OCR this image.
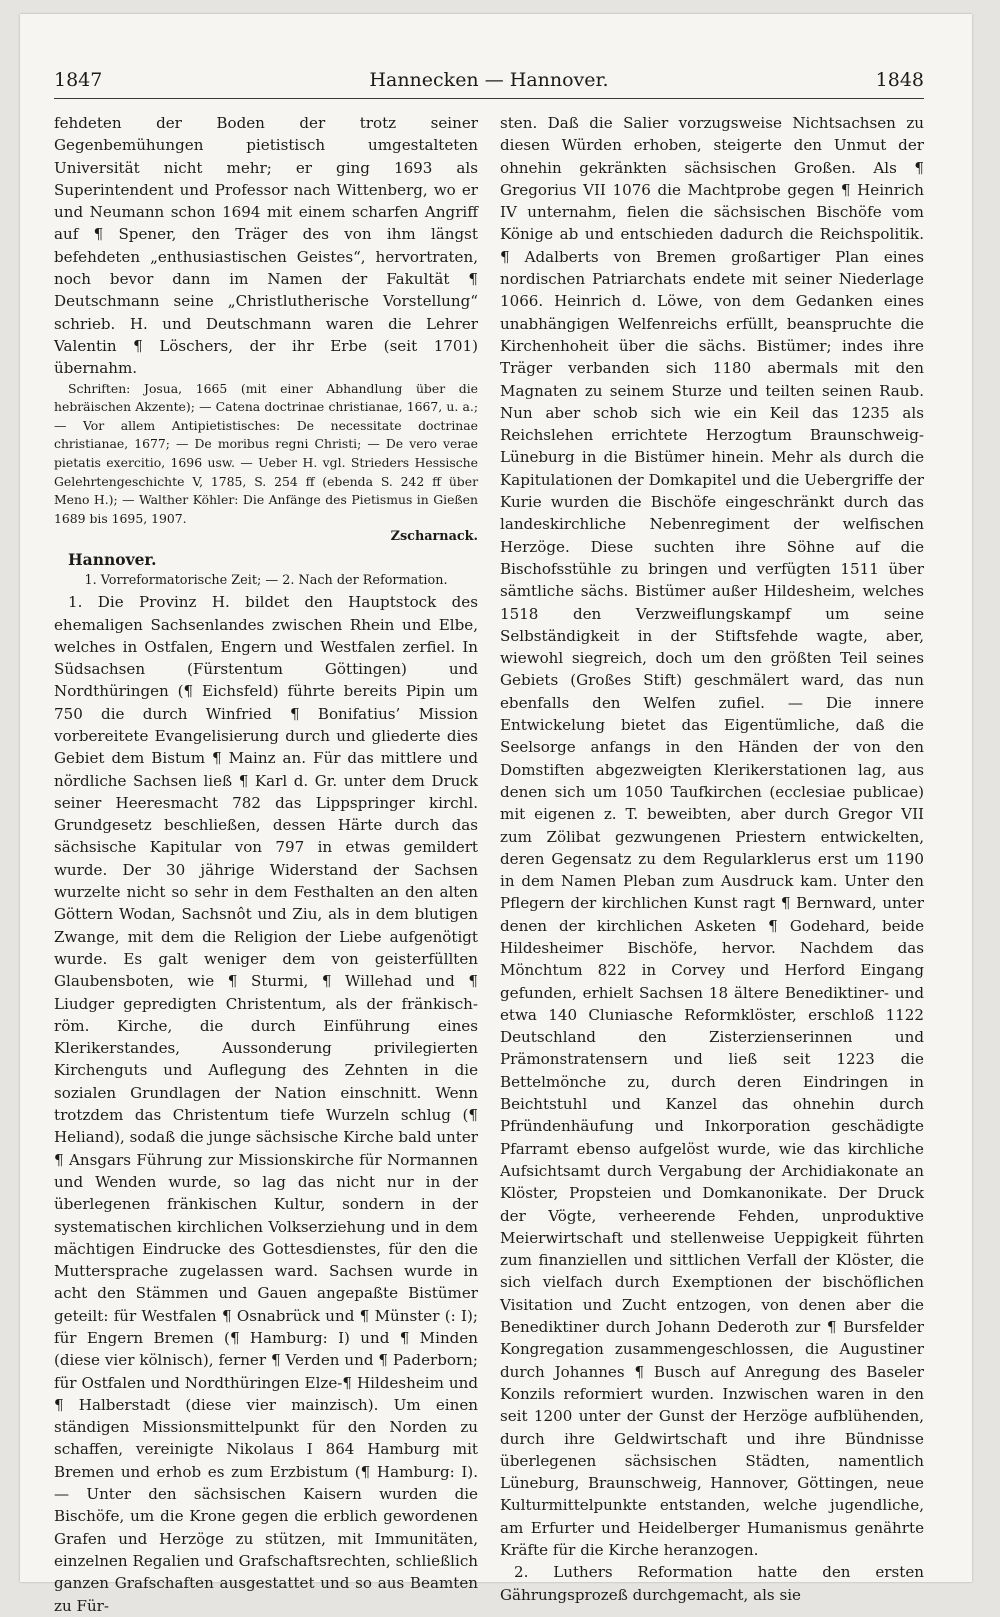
1847	Hannecken — Hannover.	1848

fehdeten der Boden der trotz seiner Gegenbemühungen pietistisch umgestalteten Universität nicht mehr; er ging 1693 als Superintendent und Professor nach Wittenberg, wo er und Neumann schon 1694 mit einem scharfen Angriff auf ¶ Spener, den Träger des von ihm längst befehdeten „enthusiastischen Geistes“, hervortraten, noch bevor dann im Namen der Fakultät ¶ Deutschmann seine „Christlutherische Vorstellung“ schrieb. H. und Deutschmann waren die Lehrer Valentin ¶ Löschers, der ihr Erbe (seit 1701) übernahm.

Schriften: Josua, 1665 (mit einer Abhandlung über die hebräischen Akzente); — Catena doctrinae christianae, 1667, u. a.; — Vor allem Antipietistisches: De necessitate doctrinae christianae, 1677; — De moribus regni Christi; — De vero verae pietatis exercitio, 1696 usw. — Ueber H. vgl. Strieders Hessische Gelehrtengeschichte V, 1785, S. 254 ff (ebenda S. 242 ff über Meno H.); — Walther Köhler: Die Anfänge des Pietismus in Gießen 1689 bis 1695, 1907.

Zscharnack.

Hannover.

1. Vorreformatorische Zeit; — 2. Nach der Reformation.

1. Die Provinz H. bildet den Hauptstock des ehemaligen Sachsenlandes zwischen Rhein und Elbe, welches in Ostfalen, Engern und Westfalen zerfiel. In Südsachsen (Fürstentum Göttingen) und Nordthüringen (¶ Eichsfeld) führte bereits Pipin um 750 die durch Winfried ¶ Bonifatius’ Mission vorbereitete Evangelisierung durch und gliederte dies Gebiet dem Bistum ¶ Mainz an. Für das mittlere und nördliche Sachsen ließ ¶ Karl d. Gr. unter dem Druck seiner Heeresmacht 782 das Lippspringer kirchl. Grundgesetz beschließen, dessen Härte durch das sächsische Kapitular von 797 in etwas gemildert wurde. Der 30 jährige Widerstand der Sachsen wurzelte nicht so sehr in dem Festhalten an den alten Göttern Wodan, Sachsnôt und Ziu, als in dem blutigen Zwange, mit dem die Religion der Liebe aufgenötigt wurde. Es galt weniger dem von geisterfüllten Glaubensboten, wie ¶ Sturmi, ¶ Willehad und ¶ Liudger gepredigten Christentum, als der fränkisch-röm. Kirche, die durch Einführung eines Klerikerstandes, Aussonderung privilegierten Kirchenguts und Auflegung des Zehnten in die sozialen Grundlagen der Nation einschnitt. Wenn trotzdem das Christentum tiefe Wurzeln schlug (¶ Heliand), sodaß die junge sächsische Kirche bald unter ¶ Ansgars Führung zur Missionskirche für Normannen und Wenden wurde, so lag das nicht nur in der überlegenen fränkischen Kultur, sondern in der systematischen kirchlichen Volkserziehung und in dem mächtigen Eindrucke des Gottesdienstes, für den die Muttersprache zugelassen ward. Sachsen wurde in acht den Stämmen und Gauen angepaßte Bistümer geteilt: für Westfalen ¶ Osnabrück und ¶ Münster (: I); für Engern Bremen (¶ Hamburg: I) und ¶ Minden (diese vier kölnisch), ferner ¶ Verden und ¶ Paderborn; für Ostfalen und Nordthüringen Elze-¶ Hildesheim und ¶ Halberstadt (diese vier mainzisch). Um einen ständigen Missionsmittelpunkt für den Norden zu schaffen, vereinigte Nikolaus I 864 Hamburg mit Bremen und erhob es zum Erzbistum (¶ Hamburg: I). — Unter den sächsischen Kaisern wurden die Bischöfe, um die Krone gegen die erblich gewordenen Grafen und Herzöge zu stützen, mit Immunitäten, einzelnen Regalien und Grafschaftsrechten, schließlich ganzen Grafschaften ausgestattet und so aus Beamten zu Für-

sten. Daß die Salier vorzugsweise Nichtsachsen zu diesen Würden erhoben, steigerte den Unmut der ohnehin gekränkten sächsischen Großen. Als ¶ Gregorius VII 1076 die Machtprobe gegen ¶ Heinrich IV unternahm, fielen die sächsischen Bischöfe vom Könige ab und entschieden dadurch die Reichspolitik. ¶ Adalberts von Bremen großartiger Plan eines nordischen Patriarchats endete mit seiner Niederlage 1066. Heinrich d. Löwe, von dem Gedanken eines unabhängigen Welfenreichs erfüllt, beanspruchte die Kirchenhoheit über die sächs. Bistümer; indes ihre Träger verbanden sich 1180 abermals mit den Magnaten zu seinem Sturze und teilten seinen Raub. Nun aber schob sich wie ein Keil das 1235 als Reichslehen errichtete Herzogtum Braunschweig-Lüneburg in die Bistümer hinein. Mehr als durch die Kapitulationen der Domkapitel und die Uebergriffe der Kurie wurden die Bischöfe eingeschränkt durch das landeskirchliche Nebenregiment der welfischen Herzöge. Diese suchten ihre Söhne auf die Bischofsstühle zu bringen und verfügten 1511 über sämtliche sächs. Bistümer außer Hildesheim, welches 1518 den Verzweiflungskampf um seine Selbständigkeit in der Stiftsfehde wagte, aber, wiewohl siegreich, doch um den größten Teil seines Gebiets (Großes Stift) geschmälert ward, das nun ebenfalls den Welfen zufiel. — Die innere Entwickelung bietet das Eigentümliche, daß die Seelsorge anfangs in den Händen der von den Domstiften abgezweigten Klerikerstationen lag, aus denen sich um 1050 Taufkirchen (ecclesiae publicae) mit eigenen z. T. beweibten, aber durch Gregor VII zum Zölibat gezwungenen Priestern entwickelten, deren Gegensatz zu dem Regularklerus erst um 1190 in dem Namen Pleban zum Ausdruck kam. Unter den Pflegern der kirchlichen Kunst ragt ¶ Bernward, unter denen der kirchlichen Asketen ¶ Godehard, beide Hildesheimer Bischöfe, hervor. Nachdem das Mönchtum 822 in Corvey und Herford Eingang gefunden, erhielt Sachsen 18 ältere Benediktiner- und etwa 140 Cluniasche Reformklöster, erschloß 1122 Deutschland den Zisterzienserinnen und Prämonstratensern und ließ seit 1223 die Bettelmönche zu, durch deren Eindringen in Beichtstuhl und Kanzel das ohnehin durch Pfründenhäufung und Inkorporation geschädigte Pfarramt ebenso aufgelöst wurde, wie das kirchliche Aufsichtsamt durch Vergabung der Archidiakonate an Klöster, Propsteien und Domkanonikate. Der Druck der Vögte, verheerende Fehden, unproduktive Meierwirtschaft und stellenweise Ueppigkeit führten zum finanziellen und sittlichen Verfall der Klöster, die sich vielfach durch Exemptionen der bischöflichen Visitation und Zucht entzogen, von denen aber die Benediktiner durch Johann Dederoth zur ¶ Bursfelder Kongregation zusammengeschlossen, die Augustiner durch Johannes ¶ Busch auf Anregung des Baseler Konzils reformiert wurden. Inzwischen waren in den seit 1200 unter der Gunst der Herzöge aufblühenden, durch ihre Geldwirtschaft und ihre Bündnisse überlegenen sächsischen Städten, namentlich Lüneburg, Braunschweig, Hannover, Göttingen, neue Kulturmittelpunkte entstanden, welche jugendliche, am Erfurter und Heidelberger Humanismus genährte Kräfte für die Kirche heranzogen.

2. Luthers Reformation hatte den ersten Gährungsprozeß durchgemacht, als sie
